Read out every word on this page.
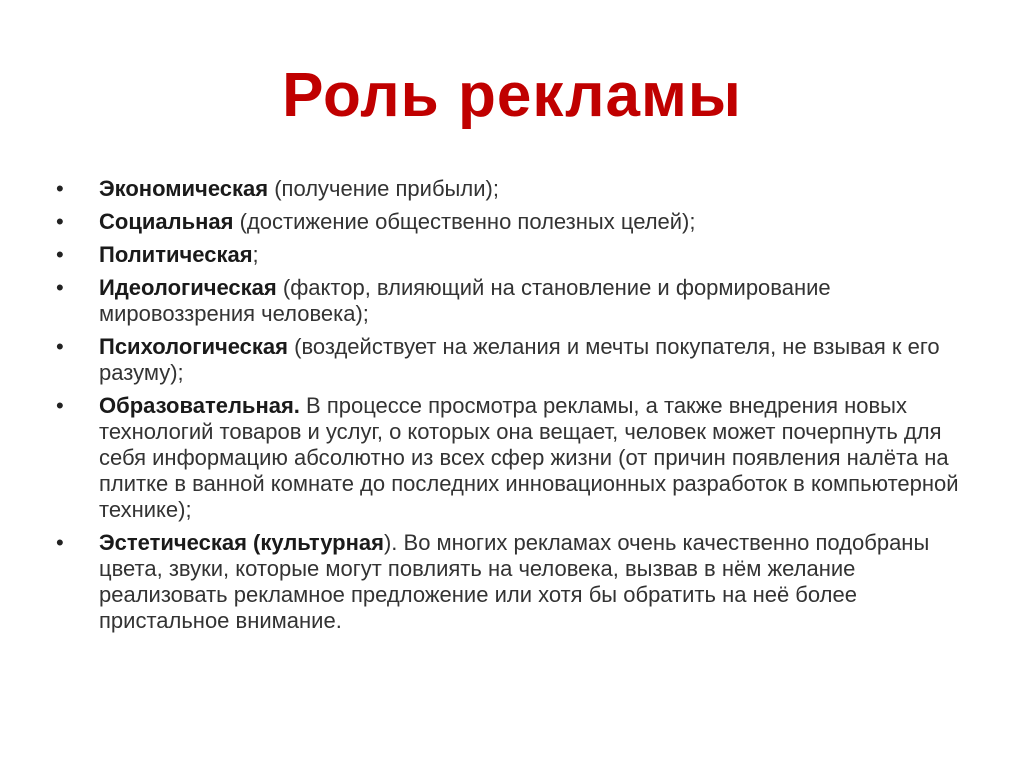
Роль рекламы
•	Экономическая (получение прибыли);
•	Социальная (достижение общественно полезных целей);
•	Политическая;
•	Идеологическая (фактор, влияющий на становление и формирование мировоззрения человека);
•	Психологическая (воздействует на желания и мечты покупателя, не взывая к его разуму);
•	Образовательная. В процессе просмотра рекламы, а также внедрения новых технологий товаров и услуг, о которых она вещает, человек может почерпнуть для себя информацию абсолютно из всех сфер жизни (от причин появления налёта на плитке в ванной комнате до последних инновационных разработок в компьютерной технике);
•	Эстетическая (культурная). Во многих рекламах очень качественно подобраны цвета, звуки, которые могут повлиять на человека, вызвав в нём желание реализовать рекламное предложение или хотя бы обратить на неё более пристальное внимание.
